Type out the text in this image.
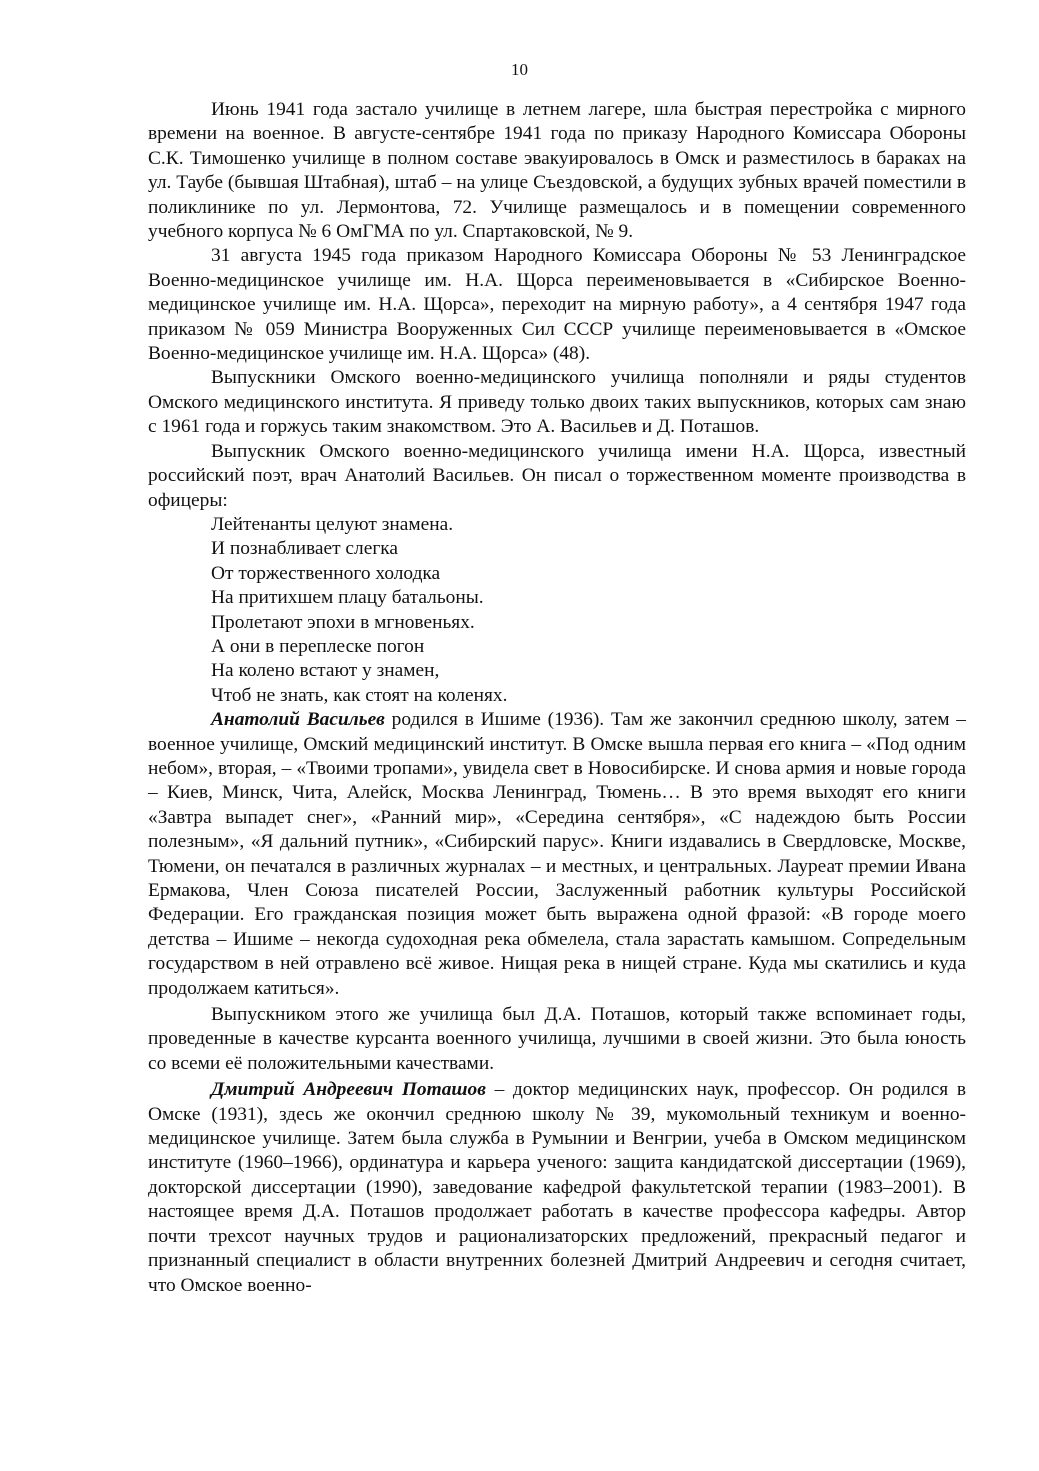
10

Июнь 1941 года застало училище в летнем лагере, шла быстрая перестройка с мирного времени на военное. В августе-сентябре 1941 года по приказу Народного Комиссара Обороны С.К. Тимошенко училище в полном составе эвакуировалось в Омск и разместилось в бараках на ул. Таубе (бывшая Штабная), штаб – на улице Съездовской, а будущих зубных врачей поместили в поликлинике по ул. Лермонтова, 72. Училище размещалось и в помещении современного учебного корпуса № 6 ОмГМА по ул. Спартаковской, № 9.

31 августа 1945 года приказом Народного Комиссара Обороны № 53 Ленинградское Военно-медицинское училище им. Н.А. Щорса переименовывается в «Сибирское Военно-медицинское училище им. Н.А. Щорса», переходит на мирную работу», а 4 сентября 1947 года приказом № 059 Министра Вооруженных Сил СССР училище переименовывается в «Омское Военно-медицинское училище им. Н.А. Щорса» (48).

Выпускники Омского военно-медицинского училища пополняли и ряды студентов Омского медицинского института. Я приведу только двоих таких выпускников, которых сам знаю с 1961 года и горжусь таким знакомством. Это А. Васильев и Д. Поташов.

Выпускник Омского военно-медицинского училища имени Н.А. Щорса, известный российский поэт, врач Анатолий Васильев. Он писал о торжественном моменте производства в офицеры:

Лейтенанты целуют знамена.
И познабливает слегка
От торжественного холодка
На притихшем плацу батальоны.
Пролетают эпохи в мгновеньях.
А они в переплеске погон
На колено встают у знамен,
Чтоб не знать, как стоят на коленях.

Анатолий Васильев родился в Ишиме (1936). Там же закончил среднюю школу, затем – военное училище, Омский медицинский институт. В Омске вышла первая его книга – «Под одним небом», вторая, – «Твоими тропами», увидела свет в Новосибирске. И снова армия и новые города – Киев, Минск, Чита, Алейск, Москва Ленинград, Тюмень… В это время выходят его книги «Завтра выпадет снег», «Ранний мир», «Середина сентября», «С надеждою быть России полезным», «Я дальний путник», «Сибирский парус». Книги издавались в Свердловске, Москве, Тюмени, он печатался в различных журналах – и местных, и центральных. Лауреат премии Ивана Ермакова, Член Союза писателей России, Заслуженный работник культуры Российской Федерации. Его гражданская позиция может быть выражена одной фразой: «В городе моего детства – Ишиме – некогда судоходная река обмелела, стала зарастать камышом. Сопредельным государством в ней отравлено всё живое. Нищая река в нищей стране. Куда мы скатились и куда продолжаем катиться».

Выпускником этого же училища был Д.А. Поташов, который также вспоминает годы, проведенные в качестве курсанта военного училища, лучшими в своей жизни. Это была юность со всеми её положительными качествами.

Дмитрий Андреевич Поташов – доктор медицинских наук, профессор. Он родился в Омске (1931), здесь же окончил среднюю школу № 39, мукомольный техникум и военно-медицинское училище. Затем была служба в Румынии и Венгрии, учеба в Омском медицинском институте (1960–1966), ординатура и карьера ученого: защита кандидатской диссертации (1969), докторской диссертации (1990), заведование кафедрой факультетской терапии (1983–2001). В настоящее время Д.А. Поташов продолжает работать в качестве профессора кафедры. Автор почти трехсот научных трудов и рационализаторских предложений, прекрасный педагог и признанный специалист в области внутренних болезней Дмитрий Андреевич и сегодня считает, что Омское военно-
